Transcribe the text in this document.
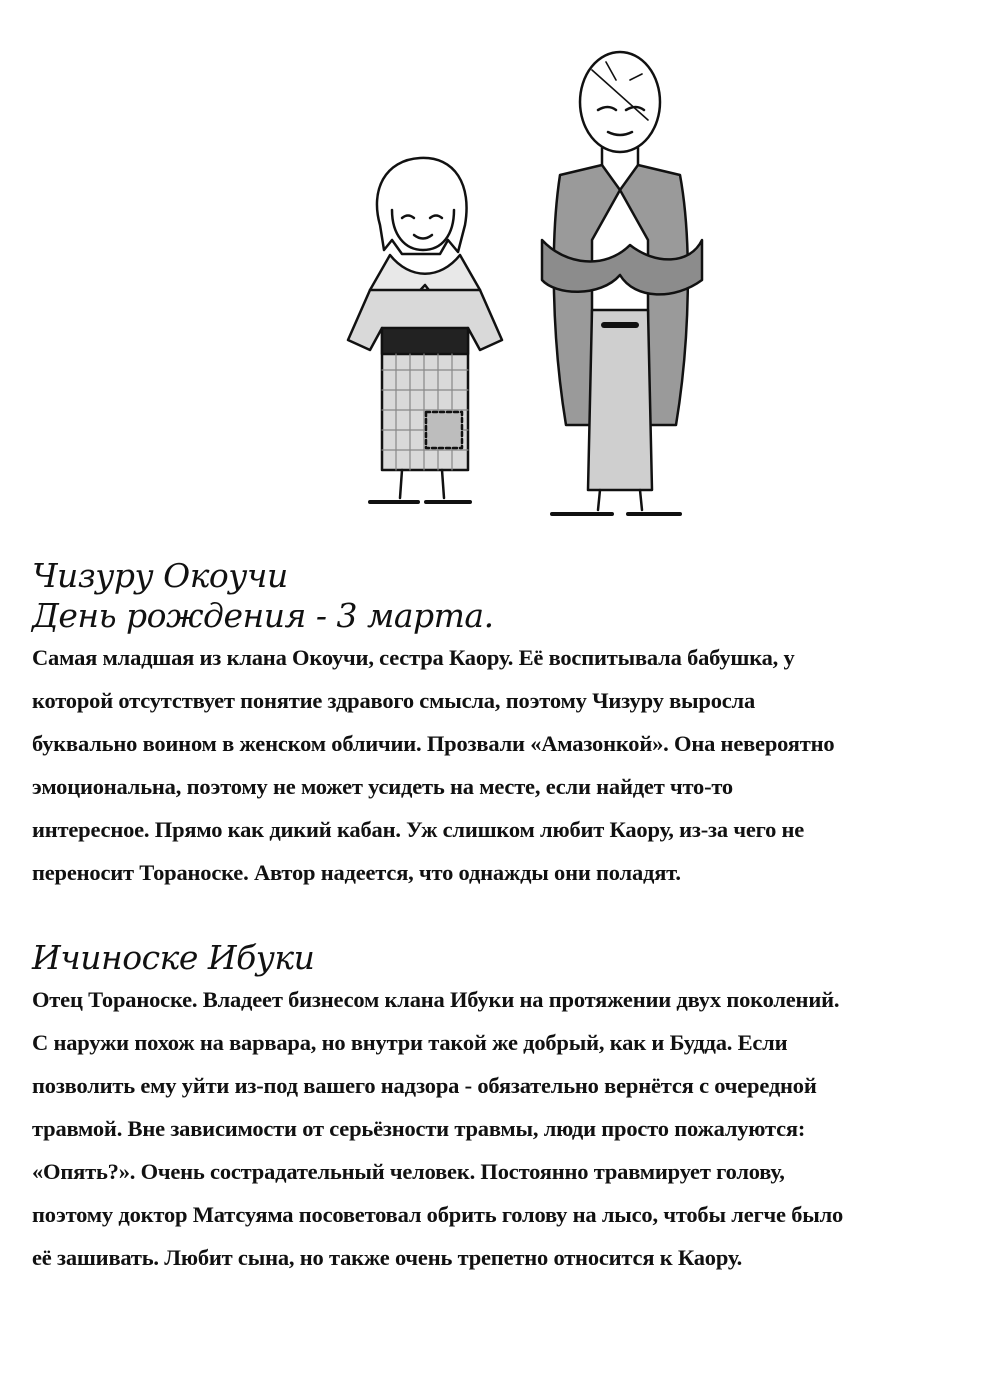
Чизуру Окоучи
День рождения - 3 марта.

Самая младшая из клана Окоучи, сестра Каору. Её воспитывала бабушка, у
которой отсутствует понятие здравого смысла, поэтому Чизуру выросла
буквально воином в женском обличии. Прозвали «Амазонкой». Она невероятно
эмоциональна, поэтому не может усидеть на месте, если найдет что-то
интересное. Прямо как дикий кабан. Уж слишком любит Каору, из-за чего не
переносит Тораноске. Автор надеется, что однажды они поладят.

Ичиноске Ибуки

Отец Тораноске. Владеет бизнесом клана Ибуки на протяжении двух поколений.
С наружи похож на варвара, но внутри такой же добрый, как и Будда. Если
позволить ему уйти из-под вашего надзора - обязательно вернётся с очередной
травмой. Вне зависимости от серьёзности травмы, люди просто пожалуются:
«Опять?». Очень сострадательный человек. Постоянно травмирует голову,
поэтому доктор Матсуяма посоветовал обрить голову на лысо, чтобы легче было
её зашивать. Любит сына, но также очень трепетно относится к Каору.
